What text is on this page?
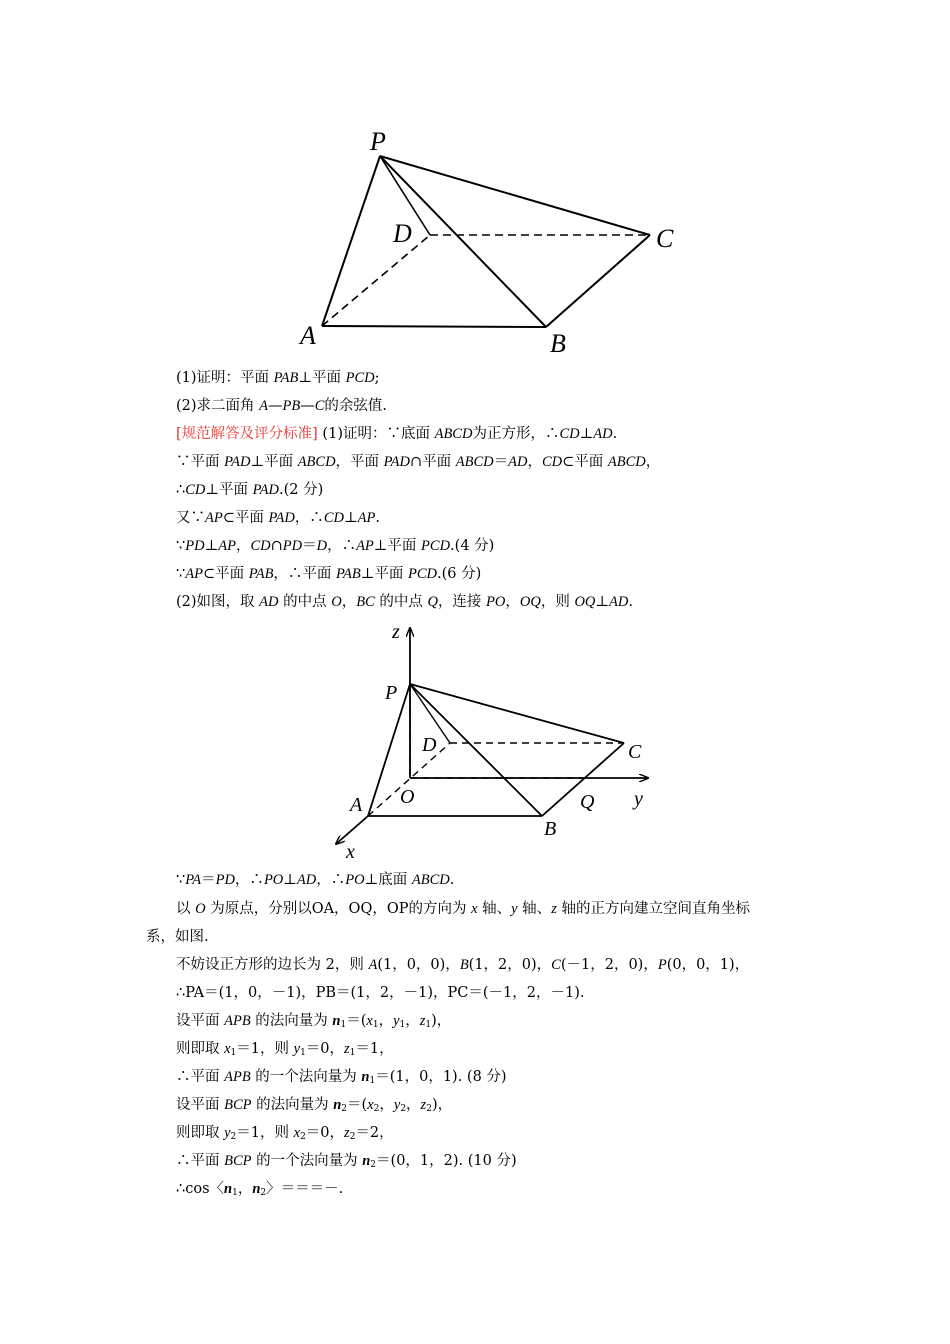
P
D	C
A	B
(1)证明：平面 PAB⊥平面 PCD;
(2)求二面角 A—PB—C的余弦值.
[规范解答及评分标准] (1)证明：∵底面 ABCD为正方形，∴CD⊥AD.
∵平面 PAD⊥平面 ABCD，平面 PAD∩平面 ABCD＝AD，CD⊂平面 ABCD，
∴CD⊥平面 PAD.(2 分)
又∵AP⊂平面 PAD，∴CD⊥AP.
∵PD⊥AP，CD∩PD＝D，∴AP⊥平面 PCD.(4 分)
∵AP⊂平面 PAB，∴平面 PAB⊥平面 PCD.(6 分)
(2)如图，取 AD 的中点 O，BC 的中点 Q，连接 PO，OQ，则 OQ⊥AD.
z
P
D	C
A O	Q y
B
x
∵PA＝PD，∴PO⊥AD，∴PO⊥底面 ABCD.
以 O 为原点，分别以OA，OQ，OP的方向为 x 轴、y 轴、z 轴的正方向建立空间直角坐标
系，如图.
不妨设正方形的边长为 2，则 A(1，0，0)，B(1，2，0)，C(－1，2，0)，P(0，0，1)，
∴PA＝(1，0，－1)，PB＝(1，2，－1)，PC＝(－1，2，－1).
设平面 APB 的法向量为 $n_1=(x_1$，$y_1$，$z_1$)，
则即取 $x_1=1$，则 $y_1=0$，$z_1=1$，
∴平面 APB 的一个法向量为 $n_1=(1$，0，1). (8 分)
设平面 BCP 的法向量为 $n_2=(x_2$，$y_2$，$z_2$)，
则即取 $y_2=1$，则 $x_2=0$，$z_2=2$，
∴平面 BCP 的一个法向量为 $n_2=(0$，1，2). (10 分)
∴cos〈$n_1$，$n_2$〉＝＝＝－.
